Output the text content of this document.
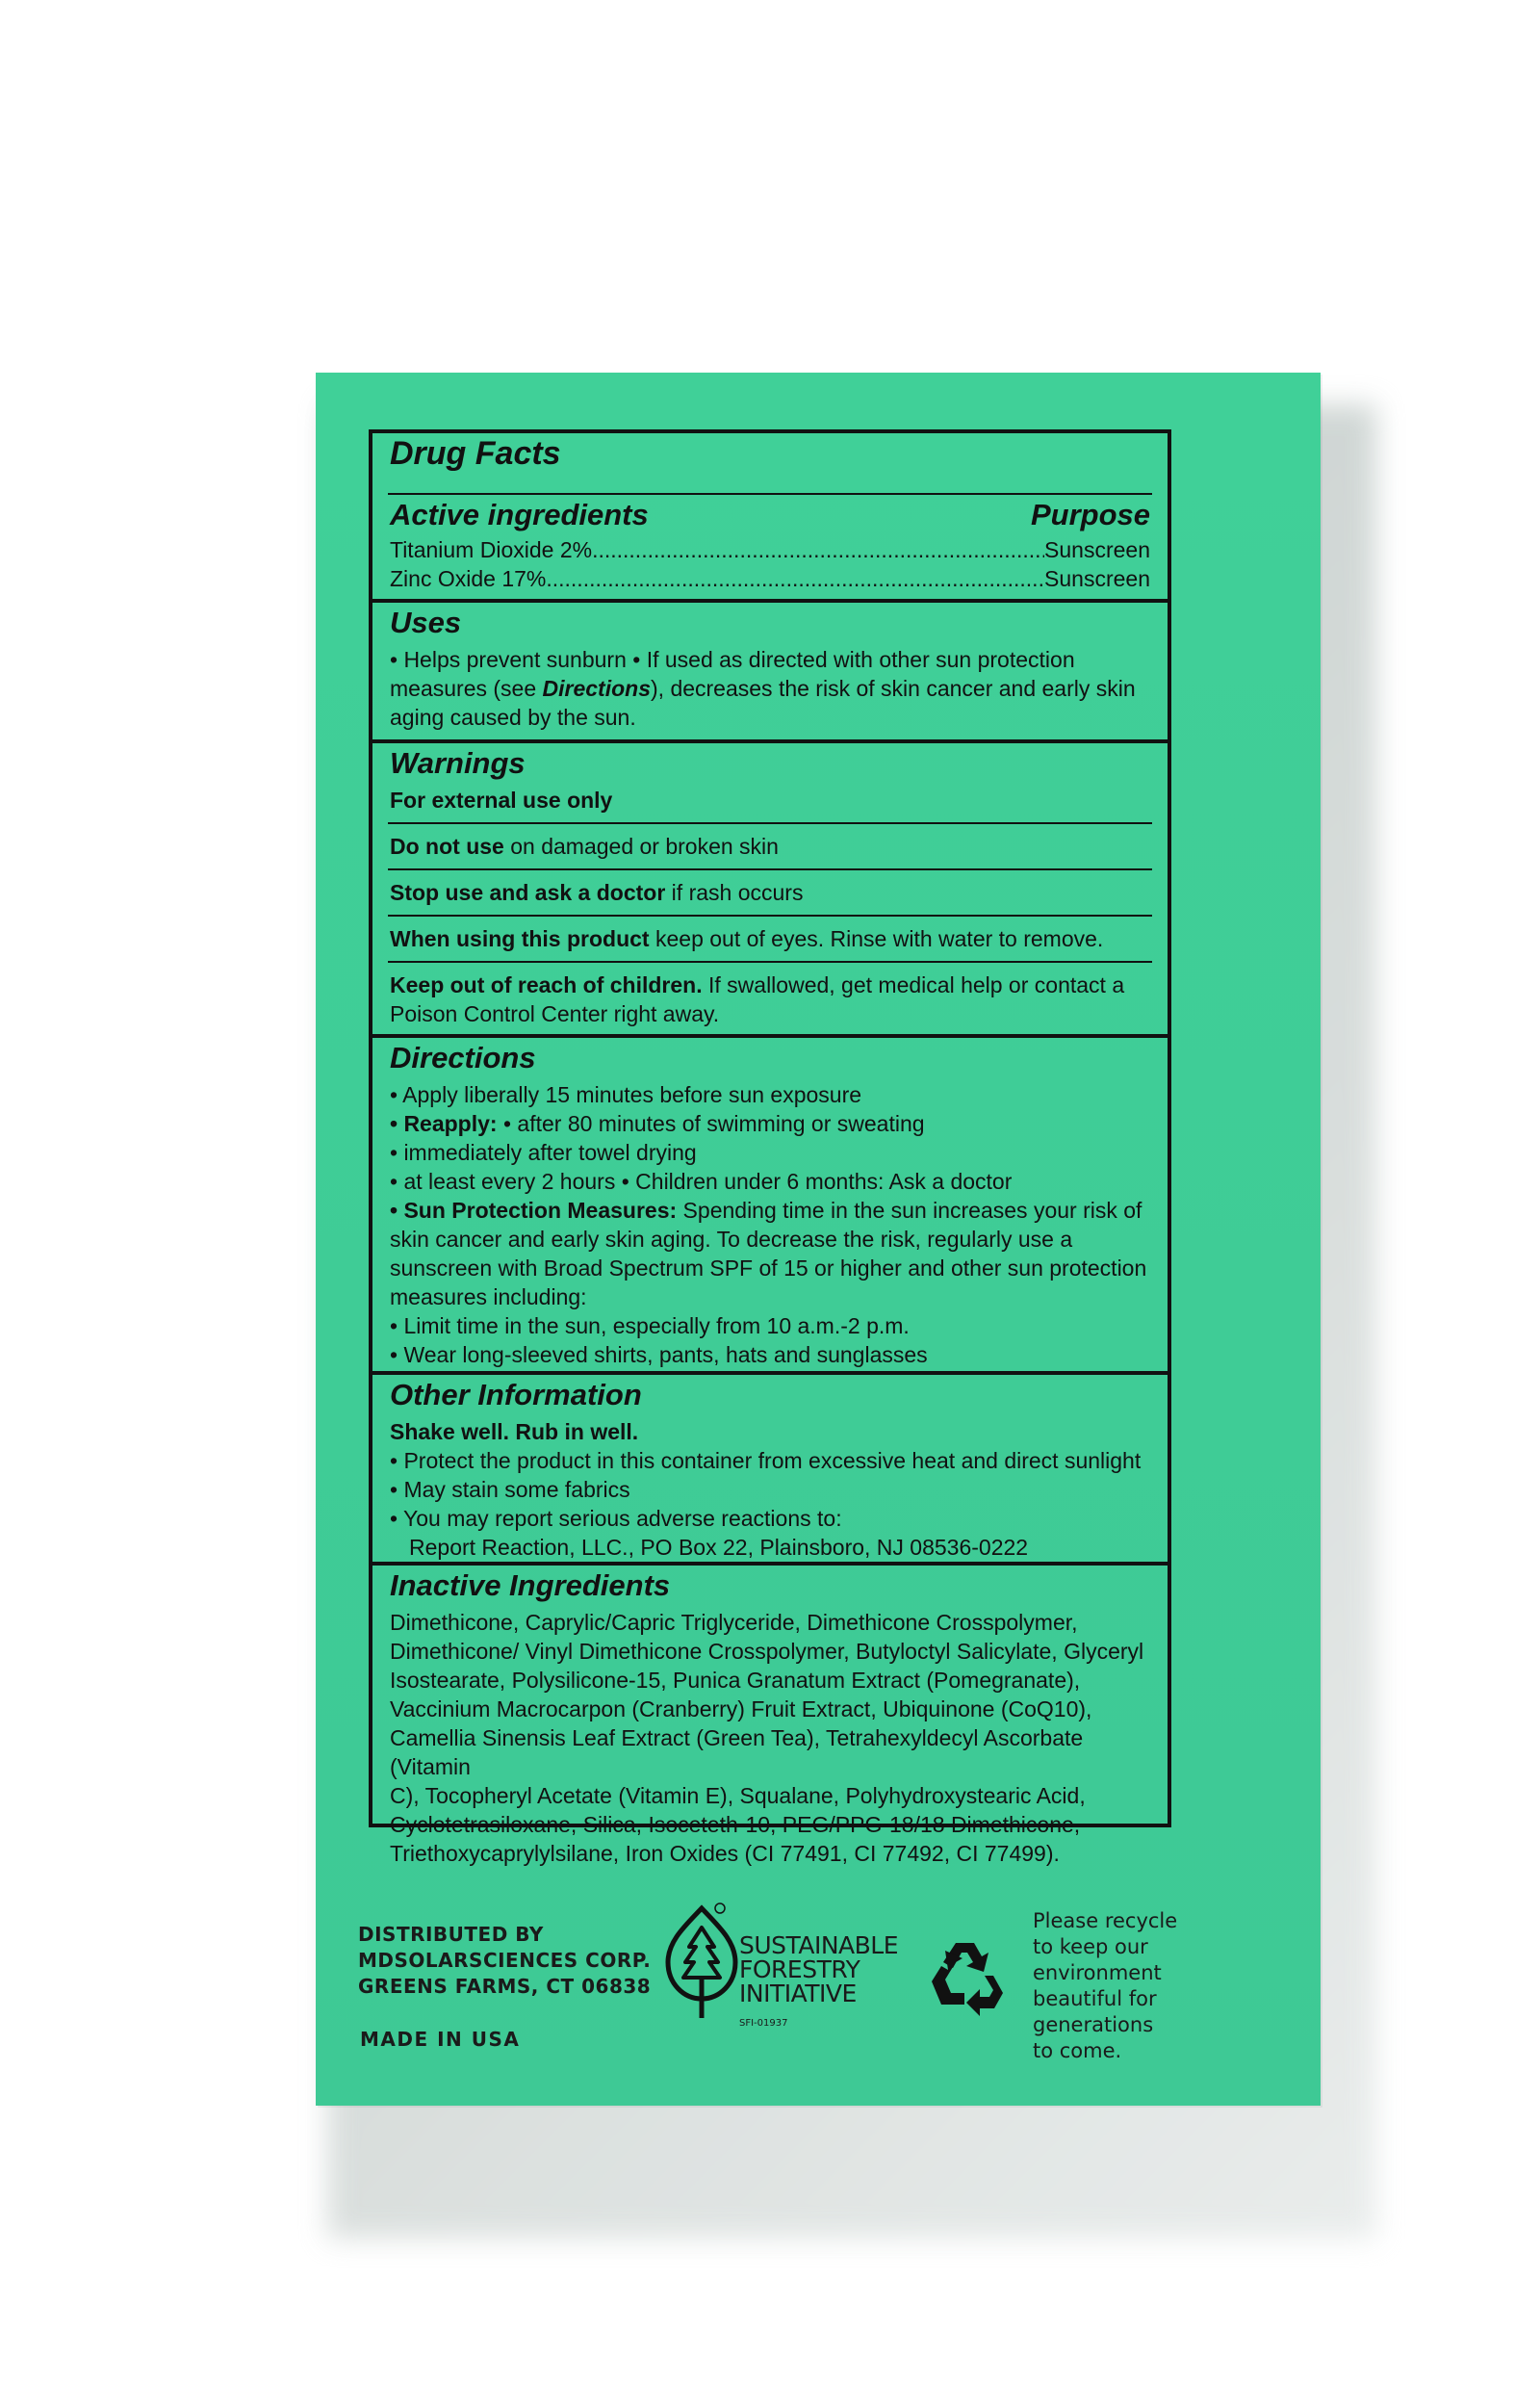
Drug Facts
Active ingredients	Purpose
Titanium Dioxide 2% .....	Sunscreen
Zinc Oxide 17% .....	Sunscreen
Uses
• Helps prevent sunburn • If used as directed with other sun protection
measures (see Directions), decreases the risk of skin cancer and early skin
aging caused by the sun.
Warnings
For external use only
Do not use on damaged or broken skin
Stop use and ask a doctor if rash occurs
When using this product keep out of eyes. Rinse with water to remove.
Keep out of reach of children. If swallowed, get medical help or contact a
Poison Control Center right away.
Directions
• Apply liberally 15 minutes before sun exposure
• Reapply: • after 80 minutes of swimming or sweating
• immediately after towel drying
• at least every 2 hours • Children under 6 months: Ask a doctor
• Sun Protection Measures: Spending time in the sun increases your risk of
skin cancer and early skin aging. To decrease the risk, regularly use a
sunscreen with Broad Spectrum SPF of 15 or higher and other sun protection
measures including:
• Limit time in the sun, especially from 10 a.m.-2 p.m.
• Wear long-sleeved shirts, pants, hats and sunglasses
Other Information
Shake well. Rub in well.
• Protect the product in this container from excessive heat and direct sunlight
• May stain some fabrics
• You may report serious adverse reactions to:
Report Reaction, LLC., PO Box 22, Plainsboro, NJ 08536-0222
Inactive Ingredients
Dimethicone, Caprylic/Capric Triglyceride, Dimethicone Crosspolymer,
Dimethicone/ Vinyl Dimethicone Crosspolymer, Butyloctyl Salicylate, Glyceryl
Isostearate, Polysilicone-15, Punica Granatum Extract (Pomegranate),
Vaccinium Macrocarpon (Cranberry) Fruit Extract, Ubiquinone (CoQ10),
Camellia Sinensis Leaf Extract (Green Tea), Tetrahexyldecyl Ascorbate (Vitamin
C), Tocopheryl Acetate (Vitamin E), Squalane, Polyhydroxystearic Acid,
Cyclotetrasiloxane, Silica, Isoceteth-10, PEG/PPG-18/18 Dimethicone,
Triethoxycaprylylsilane, Iron Oxides (CI 77491, CI 77492, CI 77499).
DISTRIBUTED BY
MDSOLARSCIENCES CORP.
GREENS FARMS, CT 06838
MADE IN USA
SUSTAINABLE
FORESTRY
INITIATIVE
SFI-01937
Please recycle
to keep our
environment
beautiful for
generations
to come.
